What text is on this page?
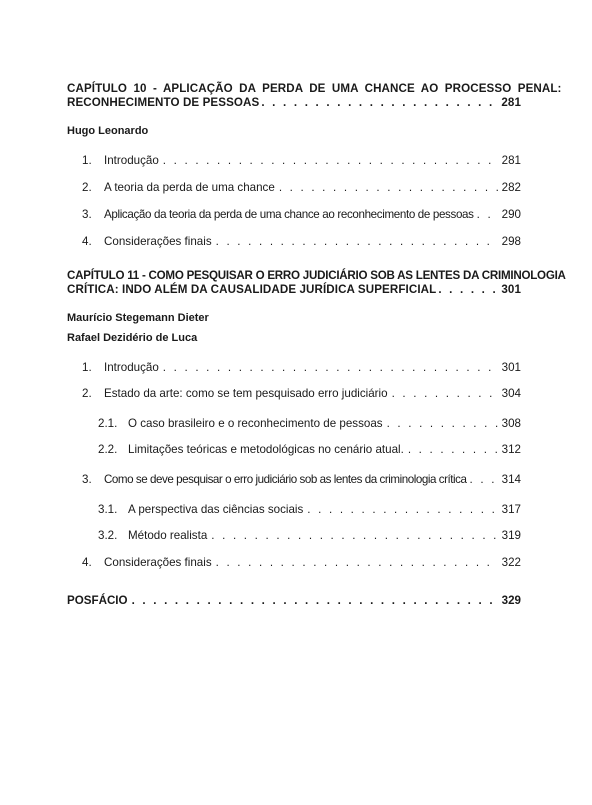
CAPÍTULO 10 - APLICAÇÃO DA PERDA DE UMA CHANCE AO PROCESSO PENAL:
RECONHECIMENTO DE PESSOAS . . .	281
Hugo Leonardo
1.	Introdução . . .	281
2.	A teoria da perda de uma chance . . .	282
3.	Aplicação da teoria da perda de uma chance ao reconhecimento de pessoas . . . 290
4.	Considerações finais . . .	298
CAPÍTULO 11 - COMO PESQUISAR O ERRO JUDICIÁRIO SOB AS LENTES DA CRIMINOLOGIA
CRÍTICA: INDO ALÉM DA CAUSALIDADE JURÍDICA SUPERFICIAL . . .	301
Maurício Stegemann Dieter
Rafael Dezidério de Luca
1.	Introdução . . .	301
2.	Estado da arte: como se tem pesquisado erro judiciário . . .	304
2.1. O caso brasileiro e o reconhecimento de pessoas . . .	308
2.2. Limitações teóricas e metodológicas no cenário atual. . . .	312
3.	Como se deve pesquisar o erro judiciário sob as lentes da criminologia crítica . . .	314
3.1. A perspectiva das ciências sociais . . .	317
3.2. Método realista . . .	319
4.	Considerações finais . . .	322
POSFÁCIO . . .	329
